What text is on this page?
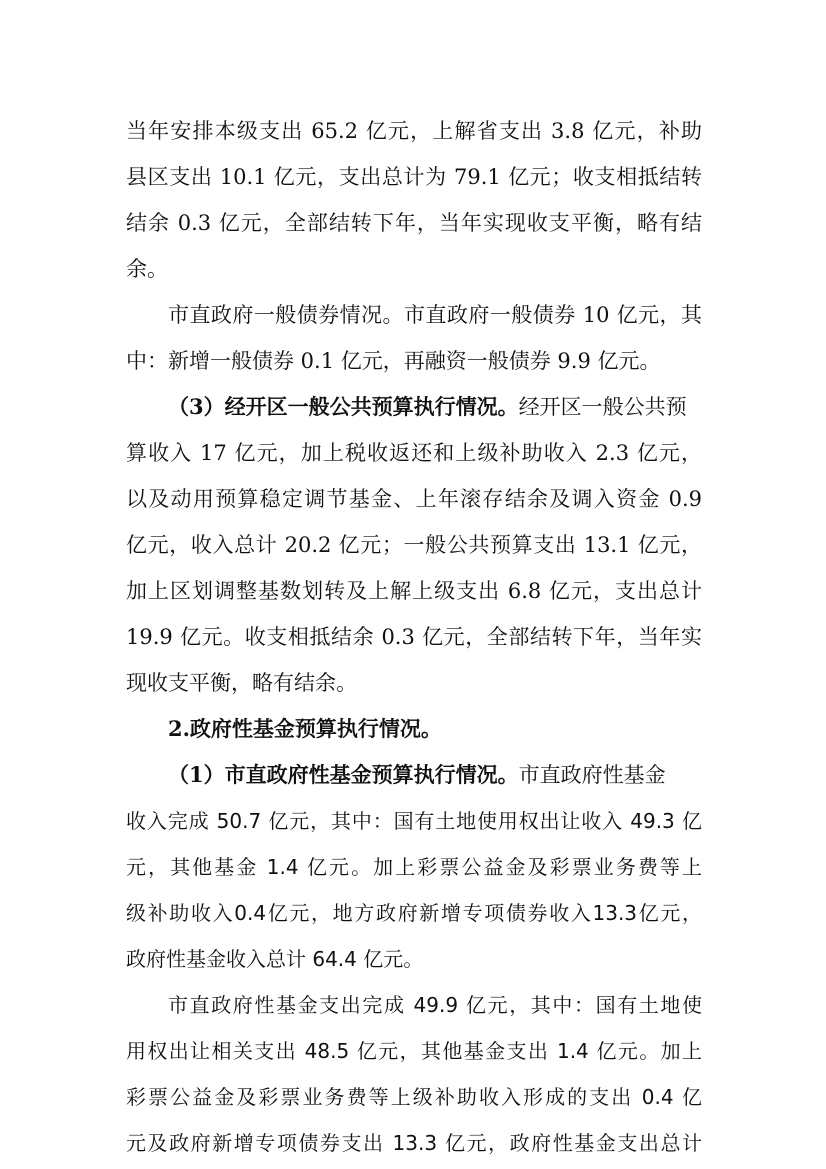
当年安排本级支出 65.2 亿元，上解省支出 3.8 亿元，补助
县区支出 10.1 亿元，支出总计为 79.1 亿元；收支相抵结转
结余 0.3 亿元，全部结转下年，当年实现收支平衡，略有结
余。
市直政府一般债券情况。市直政府一般债券 10 亿元，其
中：新增一般债券 0.1 亿元，再融资一般债券 9.9 亿元。
（3）经开区一般公共预算执行情况。经开区一般公共预
算收入 17 亿元，加上税收返还和上级补助收入 2.3 亿元，
以及动用预算稳定调节基金、上年滚存结余及调入资金 0.9
亿元，收入总计 20.2 亿元；一般公共预算支出 13.1 亿元，
加上区划调整基数划转及上解上级支出 6.8 亿元，支出总计
19.9 亿元。收支相抵结余 0.3 亿元，全部结转下年，当年实
现收支平衡，略有结余。
2.政府性基金预算执行情况。
（1）市直政府性基金预算执行情况。市直政府性基金
收入完成 50.7 亿元，其中：国有土地使用权出让收入 49.3 亿
元，其他基金 1.4 亿元。加上彩票公益金及彩票业务费等上
级补助收入0.4亿元，地方政府新增专项债券收入13.3亿元，
政府性基金收入总计 64.4 亿元。
市直政府性基金支出完成 49.9 亿元，其中：国有土地使
用权出让相关支出 48.5 亿元，其他基金支出 1.4 亿元。加上
彩票公益金及彩票业务费等上级补助收入形成的支出 0.4 亿
元及政府新增专项债券支出 13.3 亿元，政府性基金支出总计
